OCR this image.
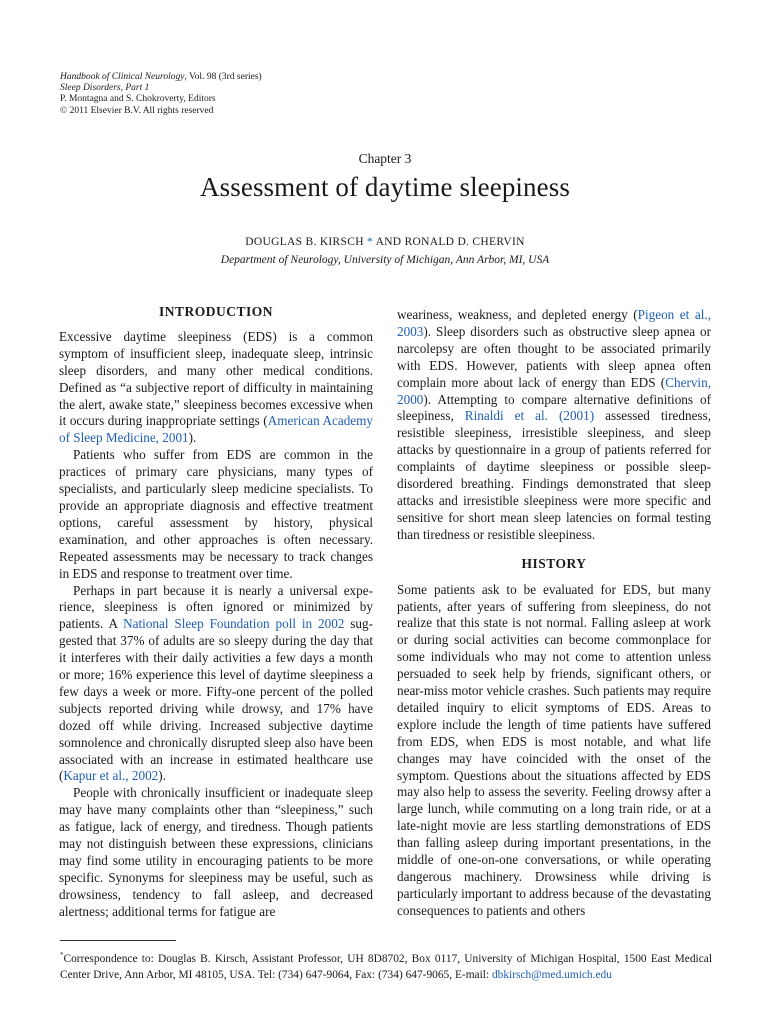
Handbook of Clinical Neurology, Vol. 98 (3rd series)
Sleep Disorders, Part 1
P. Montagna and S. Chokroverty, Editors
© 2011 Elsevier B.V. All rights reserved
Chapter 3
Assessment of daytime sleepiness
DOUGLAS B. KIRSCH * AND RONALD D. CHERVIN
Department of Neurology, University of Michigan, Ann Arbor, MI, USA
INTRODUCTION

Excessive daytime sleepiness (EDS) is a common symptom of insufficient sleep, inadequate sleep, intrinsic sleep disorders, and many other medical conditions. Defined as “a subjective report of difficulty in maintaining the alert, awake state,” sleepiness becomes excessive when it occurs during inappropriate settings (American Academy of Sleep Medicine, 2001).

Patients who suffer from EDS are common in the practices of primary care physicians, many types of specialists, and particularly sleep medicine specialists. To provide an appropriate diagnosis and effective treatment options, careful assessment by history, physical examination, and other approaches is often necessary. Repeated assessments may be necessary to track changes in EDS and response to treatment over time.

Perhaps in part because it is nearly a universal experience, sleepiness is often ignored or minimized by patients. A National Sleep Foundation poll in 2002 suggested that 37% of adults are so sleepy during the day that it interferes with their daily activities a few days a month or more; 16% experience this level of daytime sleepiness a few days a week or more. Fifty-one percent of the polled subjects reported driving while drowsy, and 17% have dozed off while driving. Increased subjective daytime somnolence and chronically disrupted sleep also have been associated with an increase in estimated healthcare use (Kapur et al., 2002).

People with chronically insufficient or inadequate sleep may have many complaints other than “sleepiness,” such as fatigue, lack of energy, and tiredness. Though patients may not distinguish between these expressions, clinicians may find some utility in encouraging patients to be more specific. Synonyms for sleepiness may be useful, such as drowsiness, tendency to fall asleep, and decreased alertness; additional terms for fatigue are

weariness, weakness, and depleted energy (Pigeon et al., 2003). Sleep disorders such as obstructive sleep apnea or narcolepsy are often thought to be associated primarily with EDS. However, patients with sleep apnea often complain more about lack of energy than EDS (Chervin, 2000). Attempting to compare alternative definitions of sleepiness, Rinaldi et al. (2001) assessed tiredness, resistible sleepiness, irresistible sleepiness, and sleep attacks by questionnaire in a group of patients referred for complaints of daytime sleepiness or possible sleep-disordered breathing. Findings demonstrated that sleep attacks and irresistible sleepiness were more specific and sensitive for short mean sleep latencies on formal testing than tiredness or resistible sleepiness.

HISTORY

Some patients ask to be evaluated for EDS, but many patients, after years of suffering from sleepiness, do not realize that this state is not normal. Falling asleep at work or during social activities can become commonplace for some individuals who may not come to attention unless persuaded to seek help by friends, significant others, or near-miss motor vehicle crashes. Such patients may require detailed inquiry to elicit symptoms of EDS. Areas to explore include the length of time patients have suffered from EDS, when EDS is most notable, and what life changes may have coincided with the onset of the symptom. Questions about the situations affected by EDS may also help to assess the severity. Feeling drowsy after a large lunch, while commuting on a long train ride, or at a late-night movie are less startling demonstrations of EDS than falling asleep during important presentations, in the middle of one-on-one conversations, or while operating dangerous machinery. Drowsiness while driving is particularly important to address because of the devastating consequences to patients and others

*Correspondence to: Douglas B. Kirsch, Assistant Professor, UH 8D8702, Box 0117, University of Michigan Hospital, 1500 East Medical Center Drive, Ann Arbor, MI 48105, USA. Tel: (734) 647-9064, Fax: (734) 647-9065, E-mail: dbkirsch@med.umich.edu
